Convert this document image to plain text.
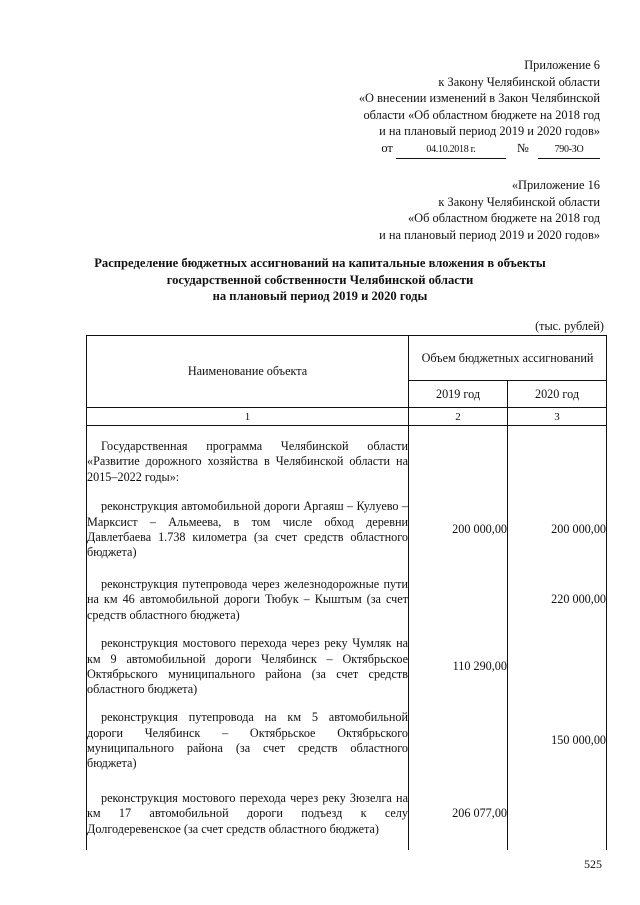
Приложение 6
к Закону Челябинской области
«О внесении изменений в Закон Челябинской
области «Об областном бюджете на 2018 год
и на плановый период 2019 и 2020 годов»
от	04.10.2018 г.	№	790-ЗО
«Приложение 16
к Закону Челябинской области
«Об областном бюджете на 2018 год
и на плановый период 2019 и 2020 годов»
Распределение бюджетных ассигнований на капитальные вложения в объекты
государственной собственности Челябинской области
на плановый период 2019 и 2020 годы
(тыс. рублей)
Наименование объекта	Объем бюджетных ассигнований	
	2019 год	2020 год
1	2	3

Государственная программа Челябинской области «Развитие дорожного хозяйства в Челябинской области на 2015–2022 годы»:		

реконструкция автомобильной дороги Аргаяш – Кулуево – Марксист – Альмеева, в том числе обход деревни Давлетбаева 1.738 километра (за счет средств областного бюджета)	200 000,00	200 000,00

реконструкция путепровода через железнодорожные пути на км 46 автомобильной дороги Тюбук – Кыштым (за счет средств областного бюджета)		220 000,00

реконструкция мостового перехода через реку Чумляк на км 9 автомобильной дороги Челябинск – Октябрьское Октябрьского муниципального района (за счет средств областного бюджета)	110 290,00	

реконструкция путепровода на км 5 автомобильной дороги Челябинск – Октябрьское Октябрьского муниципального района (за счет средств областного бюджета)		150 000,00

реконструкция мостового перехода через реку Зюзелга на км 17 автомобильной дороги подъезд к селу Долгодеревенское (за счет средств областного бюджета)	206 077,00	
525
